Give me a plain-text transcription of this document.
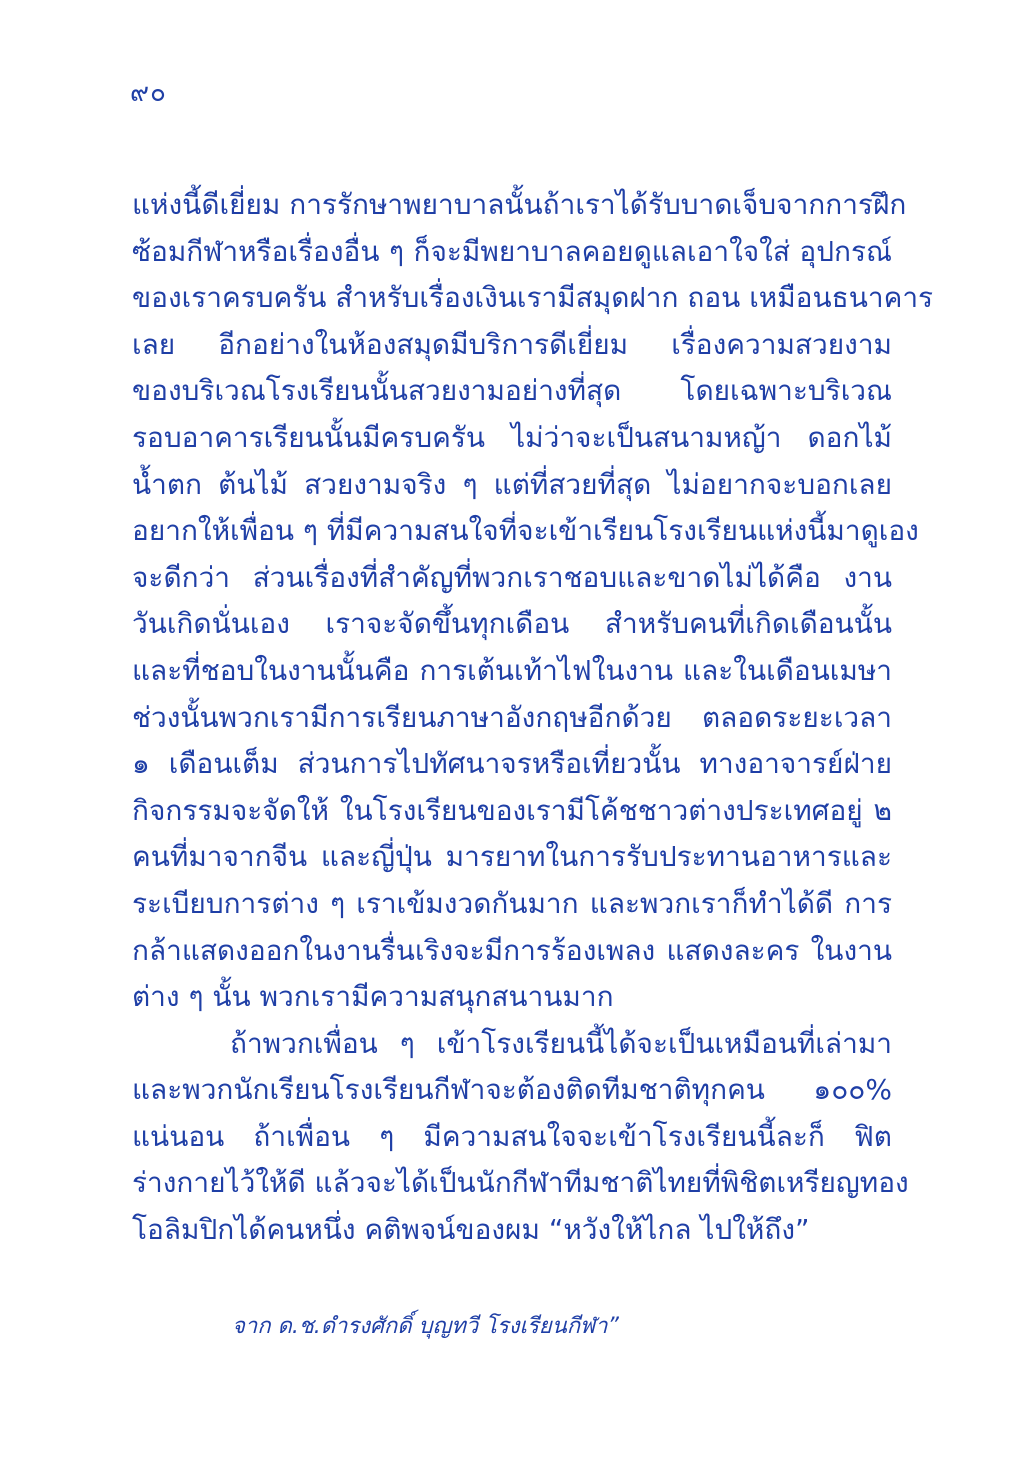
๙๐
แห่งนี้ดีเยี่ยม การรักษาพยาบาลนั้นถ้าเราได้รับบาดเจ็บจากการฝึก
ซ้อมกีฬาหรือเรื่องอื่น ๆ ก็จะมีพยาบาลคอยดูแลเอาใจใส่ อุปกรณ์
ของเราครบครัน สำหรับเรื่องเงินเรามีสมุดฝาก ถอน เหมือนธนาคาร
เลย อีกอย่างในห้องสมุดมีบริการดีเยี่ยม เรื่องความสวยงาม
ของบริเวณโรงเรียนนั้นสวยงามอย่างที่สุด โดยเฉพาะบริเวณ
รอบอาคารเรียนนั้นมีครบครัน ไม่ว่าจะเป็นสนามหญ้า ดอกไม้
น้ำตก ต้นไม้ สวยงามจริง ๆ แต่ที่สวยที่สุด ไม่อยากจะบอกเลย
อยากให้เพื่อน ๆ ที่มีความสนใจที่จะเข้าเรียนโรงเรียนแห่งนี้มาดูเอง
จะดีกว่า ส่วนเรื่องที่สำคัญที่พวกเราชอบและขาดไม่ได้คือ งาน
วันเกิดนั่นเอง เราจะจัดขึ้นทุกเดือน สำหรับคนที่เกิดเดือนนั้น
และที่ชอบในงานนั้นคือ การเต้นเท้าไฟในงาน และในเดือนเมษา
ช่วงนั้นพวกเรามีการเรียนภาษาอังกฤษอีกด้วย ตลอดระยะเวลา
๑ เดือนเต็ม ส่วนการไปทัศนาจรหรือเที่ยวนั้น ทางอาจารย์ฝ่าย
กิจกรรมจะจัดให้ ในโรงเรียนของเรามีโค้ชชาวต่างประเทศอยู่ ๒
คนที่มาจากจีน และญี่ปุ่น มารยาทในการรับประทานอาหารและ
ระเบียบการต่าง ๆ เราเข้มงวดกันมาก และพวกเราก็ทำได้ดี การ
กล้าแสดงออกในงานรื่นเริงจะมีการร้องเพลง แสดงละคร ในงาน
ต่าง ๆ นั้น พวกเรามีความสนุกสนานมาก
ถ้าพวกเพื่อน ๆ เข้าโรงเรียนนี้ได้จะเป็นเหมือนที่เล่ามา
และพวกนักเรียนโรงเรียนกีฬาจะต้องติดทีมชาติทุกคน ๑๐๐%
แน่นอน ถ้าเพื่อน ๆ มีความสนใจจะเข้าโรงเรียนนี้ละก็ ฟิต
ร่างกายไว้ให้ดี แล้วจะได้เป็นนักกีฬาทีมชาติไทยที่พิชิตเหรียญทอง
โอลิมปิกได้คนหนึ่ง คติพจน์ของผม “หวังให้ไกล ไปให้ถึง”
จาก ด.ช.ดำรงศักดิ์ บุญทวี โรงเรียนกีฬา”
